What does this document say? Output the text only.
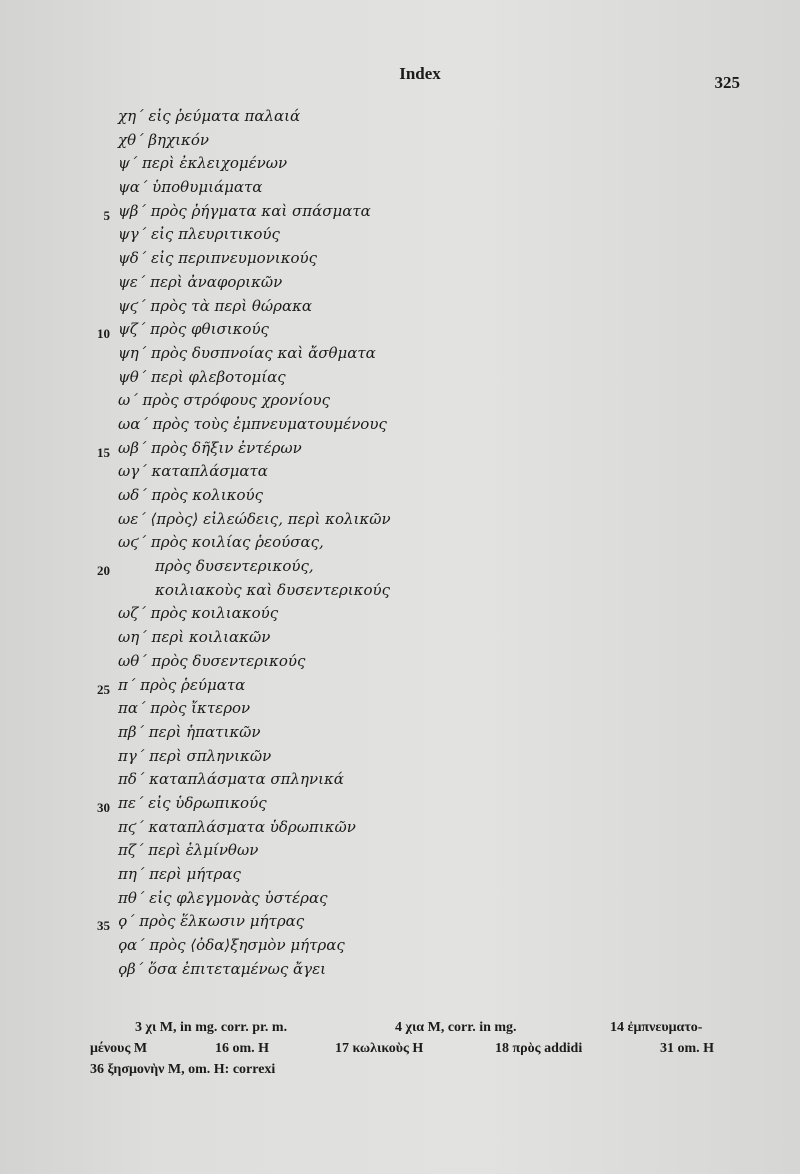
Index	325
χη΄ εἰς ῥεύματα παλαιά
χθ΄ βηχικόν
ψ΄ περὶ ἐκλειχομένων
ψα΄ ὑποθυμιάματα
5 ψβ΄ πρὸς ῥήγματα καὶ σπάσματα
ψγ΄ εἰς πλευριτικούς
ψδ΄ εἰς περιπνευμονικούς
ψε΄ περὶ ἀναφορικῶν
ψϛ΄ πρὸς τὰ περὶ θώρακα
10 ψζ΄ πρὸς φθισικούς
ψη΄ πρὸς δυσπνοίας καὶ ἄσθματα
ψθ΄ περὶ φλεβοτομίας
ω΄ πρὸς στρόφους χρονίους
ωα΄ πρὸς τοὺς ἐμπνευματουμένους
15 ωβ΄ πρὸς δῆξιν ἐντέρων
ωγ΄ καταπλάσματα
ωδ΄ πρὸς κολικούς
ωε΄ ⟨πρὸς⟩ εἰλεώδεις, περὶ κολικῶν
ωϛ΄ πρὸς κοιλίας ῥεούσας,
20	πρὸς δυσεντερικούς,
κοιλιακοὺς καὶ δυσεντερικούς
ωζ΄ πρὸς κοιλιακούς
ωη΄ περὶ κοιλιακῶν
ωθ΄ πρὸς δυσεντερικούς
25 π΄ πρὸς ῥεύματα
πα΄ πρὸς ἴκτερον
πβ΄ περὶ ἡπατικῶν
πγ΄ περὶ σπληνικῶν
πδ΄ καταπλάσματα σπληνικά
30 πε΄ εἰς ὑδρωπικούς
πϛ΄ καταπλάσματα ὑδρωπικῶν
πζ΄ περὶ ἑλμίνθων
πη΄ περὶ μήτρας
πθ΄ εἰς φλεγμονὰς ὑστέρας
35 ϙ΄ πρὸς ἕλκωσιν μήτρας
ϙα΄ πρὸς ⟨ὀδα⟩ξησμὸν μήτρας
ϙβ΄ ὅσα ἐπιτεταμένως ἄγει
3 χι M, in mg. corr. pr. m.	4 χια M, corr. in mg.	14 ἐμπνευματο-
μένους M	16 om. H	17 κωλικοὺς H	18 πρὸς addidi	31 om. H
36 ξησμονὴν M, om. H: correxi
